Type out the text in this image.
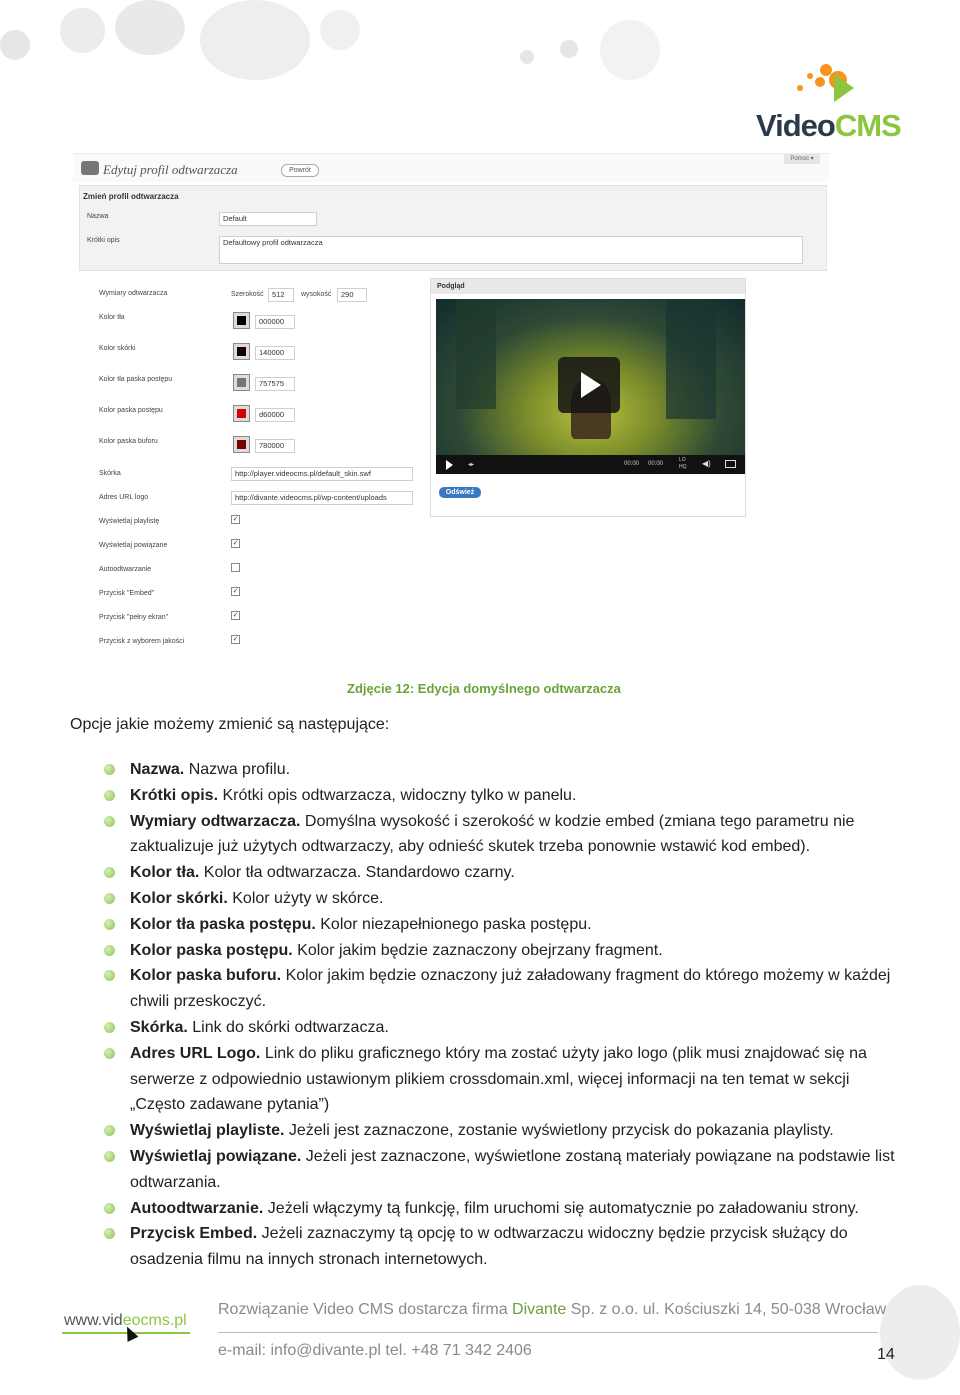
VideoCMS
Edytuj profil odtwarzacza	Powrót
Pomoc ▾
Zmień profil odtwarzacza
Nazwa	Default
Krótki opis	Defaultowy profil odtwarzacza
Wymiary odtwarzacza	Szerokość	512	wysokość	290
Kolor tła	000000
Kolor skórki	140000
Kolor tła paska postępu	757575
Kolor paska postępu	d60000
Kolor paska buforu	780000
Skórka	http://player.videocms.pl/default_skin.swf
Adres URL logo	http://divante.videocms.pl/wp-content/uploads
Wyświetlaj playlistę	✓
Wyświetlaj powiązane	✓
Autoodtwarzanie
Przycisk "Embed"	✓
Przycisk "pełny ekran"	✓
Przycisk z wyborem jakości	✓
Podgląd
◂▸	00:00 00:00
LO HQ	◀)
Odśwież
Zdjęcie 12: Edycja domyślnego odtwarzacza
Opcje jakie możemy zmienić są następujące:
Nazwa. Nazwa profilu.
Krótki opis. Krótki opis odtwarzacza, widoczny tylko w panelu.
Wymiary odtwarzacza. Domyślna wysokość i szerokość w kodzie embed (zmiana tego parametru nie zaktualizuje już użytych odtwarzaczy, aby odnieść skutek trzeba ponownie wstawić kod embed).
Kolor tła. Kolor tła odtwarzacza. Standardowo czarny.
Kolor skórki. Kolor użyty w skórce.
Kolor tła paska postępu. Kolor niezapełnionego paska postępu.
Kolor paska postępu. Kolor jakim będzie zaznaczony obejrzany fragment.
Kolor paska buforu. Kolor jakim będzie oznaczony już załadowany fragment do którego możemy w każdej chwili przeskoczyć.
Skórka. Link do skórki odtwarzacza.
Adres URL Logo. Link do pliku graficznego który ma zostać użyty jako logo (plik musi znajdować się na serwerze z odpowiednio ustawionym plikiem crossdomain.xml, więcej informacji na ten temat w sekcji „Często zadawane pytania”)
Wyświetlaj playliste. Jeżeli jest zaznaczone, zostanie wyświetlony przycisk do pokazania playlisty.
Wyświetlaj powiązane. Jeżeli jest zaznaczone, wyświetlone zostaną materiały powiązane na podstawie list odtwarzania.
Autoodtwarzanie. Jeżeli włączymy tą funkcję, film uruchomi się automatycznie po załadowaniu strony.
Przycisk Embed. Jeżeli zaznaczymy tą opcję to w odtwarzaczu widoczny będzie przycisk służący do osadzenia filmu na innych stronach internetowych.
www.videocms.pl
Rozwiązanie Video CMS dostarcza firma Divante Sp. z o.o. ul. Kościuszki 14, 50-038 Wrocław
e-mail: info@divante.pl tel. +48 71 342 2406	14
